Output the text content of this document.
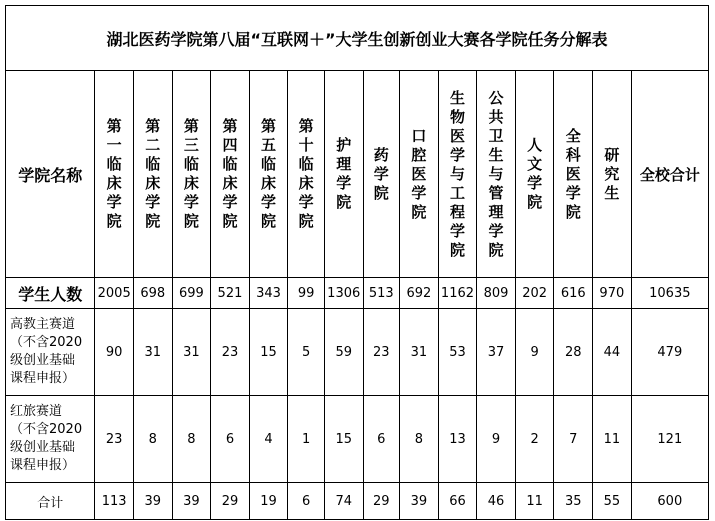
湖北医药学院第八届“互联网＋”大学生创新创业大赛各学院任务分解表															
学院名称	第一临床学院	第二临床学院	第三临床学院	第四临床学院	第五临床学院	第十临床学院	护理学院	药学院	口腔医学院	生物医学与工程学院	公共卫生与管理学院	人文学院	全科医学院	研究生	全校合计
学生人数	2005	698	699	521	343	99	1306	513	692	1162	809	202	616	970	10635

高教主赛道
（不含2020
级创业基础
课程申报）	90	31	31	23	15	5	59	23	31	53	37	9	28	44	479

红旅赛道
（不含2020
级创业基础
课程申报）	23	8	8	6	4	1	15	6	8	13	9	2	7	11	121
合计	113	39	39	29	19	6	74	29	39	66	46	11	35	55	600
